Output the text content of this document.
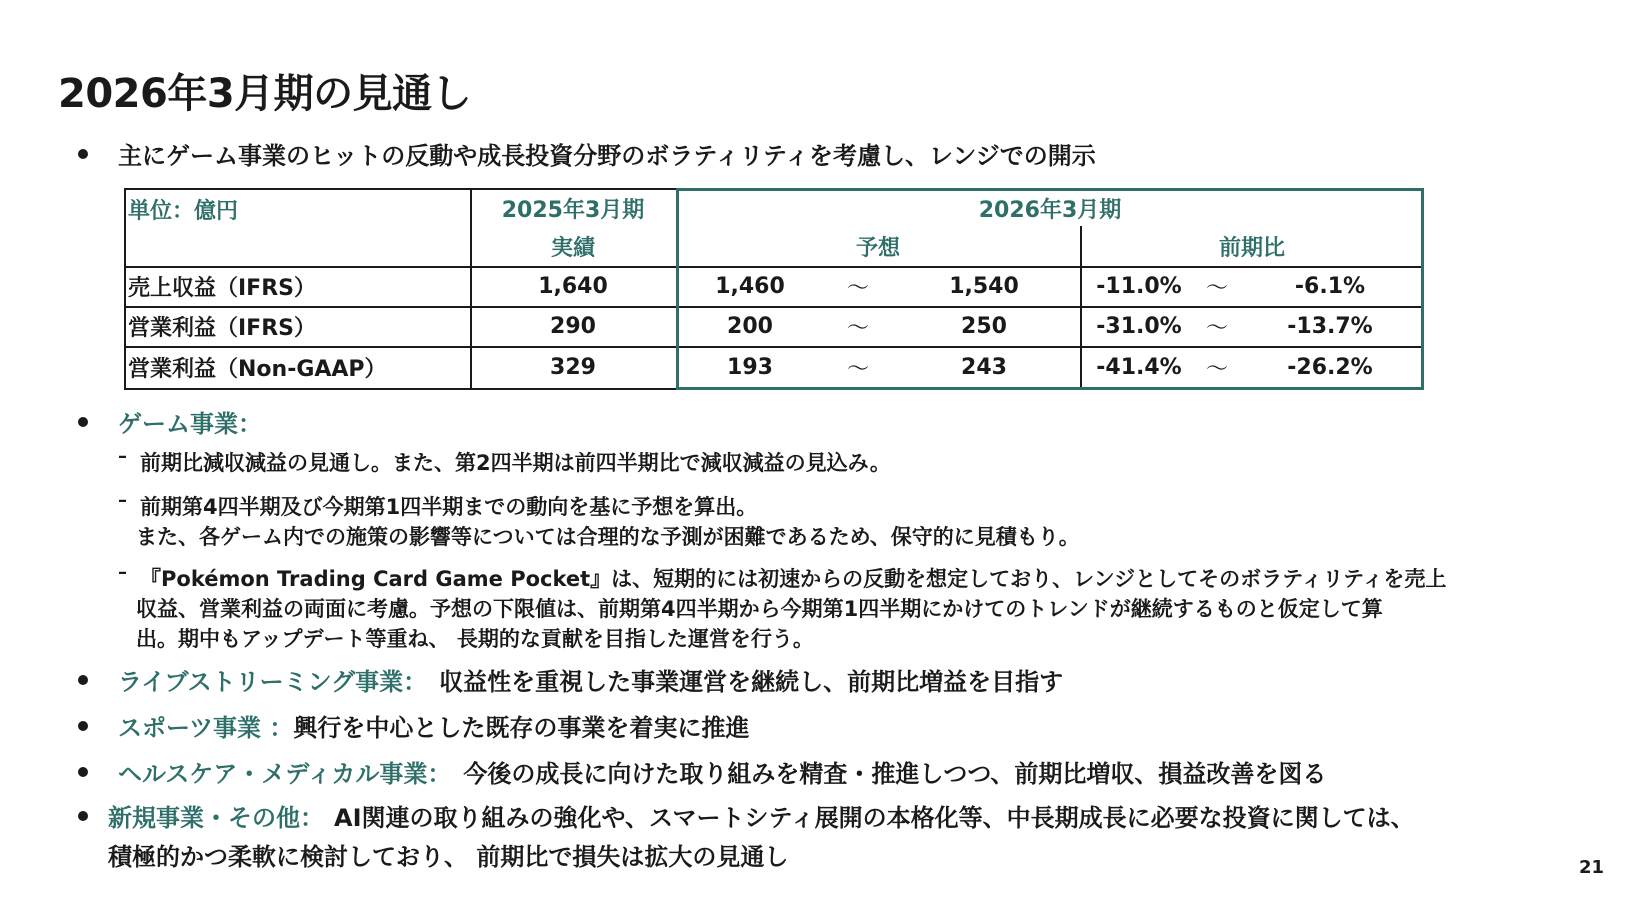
2026年3月期の見通し
主にゲーム事業のヒットの反動や成長投資分野のボラティリティを考慮し、レンジでの開示
単位：億円	2025年3月期
実績
2026年3月期
予想	前期比
売上収益（IFRS）	1,640	1,460	～	1,540	-11.0%	～	-6.1%
営業利益（IFRS）	290	200	～	250	-31.0%	～	-13.7%
営業利益（Non-GAAP）	329	193	～	243	-41.4%	～	-26.2%
ゲーム事業：
– 前期比減収減益の見通し。また、第2四半期は前四半期比で減収減益の見込み。
– 前期第4四半期及び今期第1四半期までの動向を基に予想を算出。
また、各ゲーム内での施策の影響等については合理的な予測が困難であるため、保守的に見積もり。
– 『Pokémon Trading Card Game Pocket』は、短期的には初速からの反動を想定しており、レンジとしてそのボラティリティを売上
収益、営業利益の両面に考慮。予想の下限値は、前期第4四半期から今期第1四半期にかけてのトレンドが継続するものと仮定して算
出。期中もアップデート等重ね、 長期的な貢献を目指した運営を行う。
ライブストリーミング事業： 収益性を重視した事業運営を継続し、前期比増益を目指す
スポーツ事業 ： 興行を中心とした既存の事業を着実に推進
ヘルスケア・メディカル事業： 今後の成長に向けた取り組みを精査・推進しつつ、前期比増収、損益改善を図る
新規事業・その他： AI関連の取り組みの強化や、スマートシティ展開の本格化等、中長期成長に必要な投資に関しては、
積極的かつ柔軟に検討しており、 前期比で損失は拡大の見通し	21
